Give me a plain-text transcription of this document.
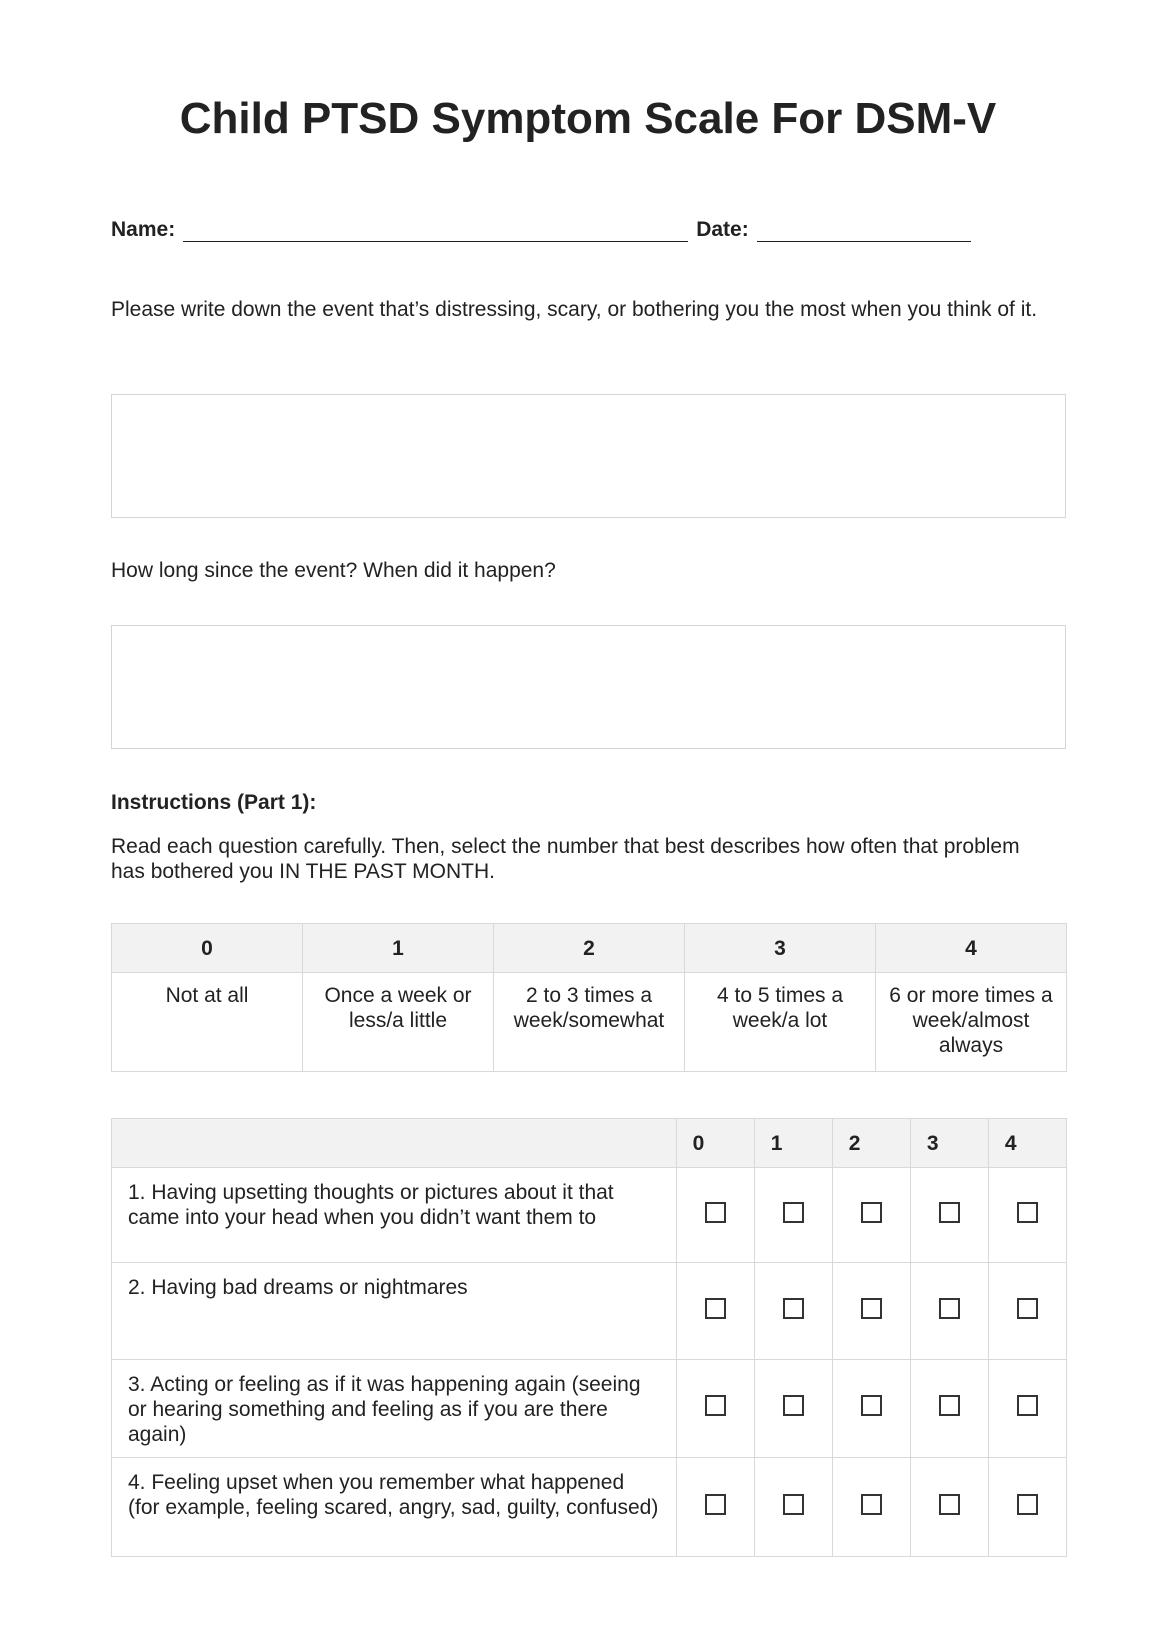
Child PTSD Symptom Scale For DSM-V
Name:	Date:

Please write down the event that’s distressing, scary, or bothering you the most when you think of it.

How long since the event? When did it happen?

Instructions (Part 1):

Read each question carefully. Then, select the number that best describes how often that problem has bothered you IN THE PAST MONTH.

0	1	2	3	4
Not at all	Once a week or less/a little	2 to 3 times a week/somewhat	4 to 5 times a week/a lot	6 or more times a week/almost always
	0	1	2	3	4
1. Having upsetting thoughts or pictures about it that came into your head when you didn’t want them to					
2. Having bad dreams or nightmares					
3. Acting or feeling as if it was happening again (seeing or hearing something and feeling as if you are there again)					
4. Feeling upset when you remember what happened (for example, feeling scared, angry, sad, guilty, confused)					
